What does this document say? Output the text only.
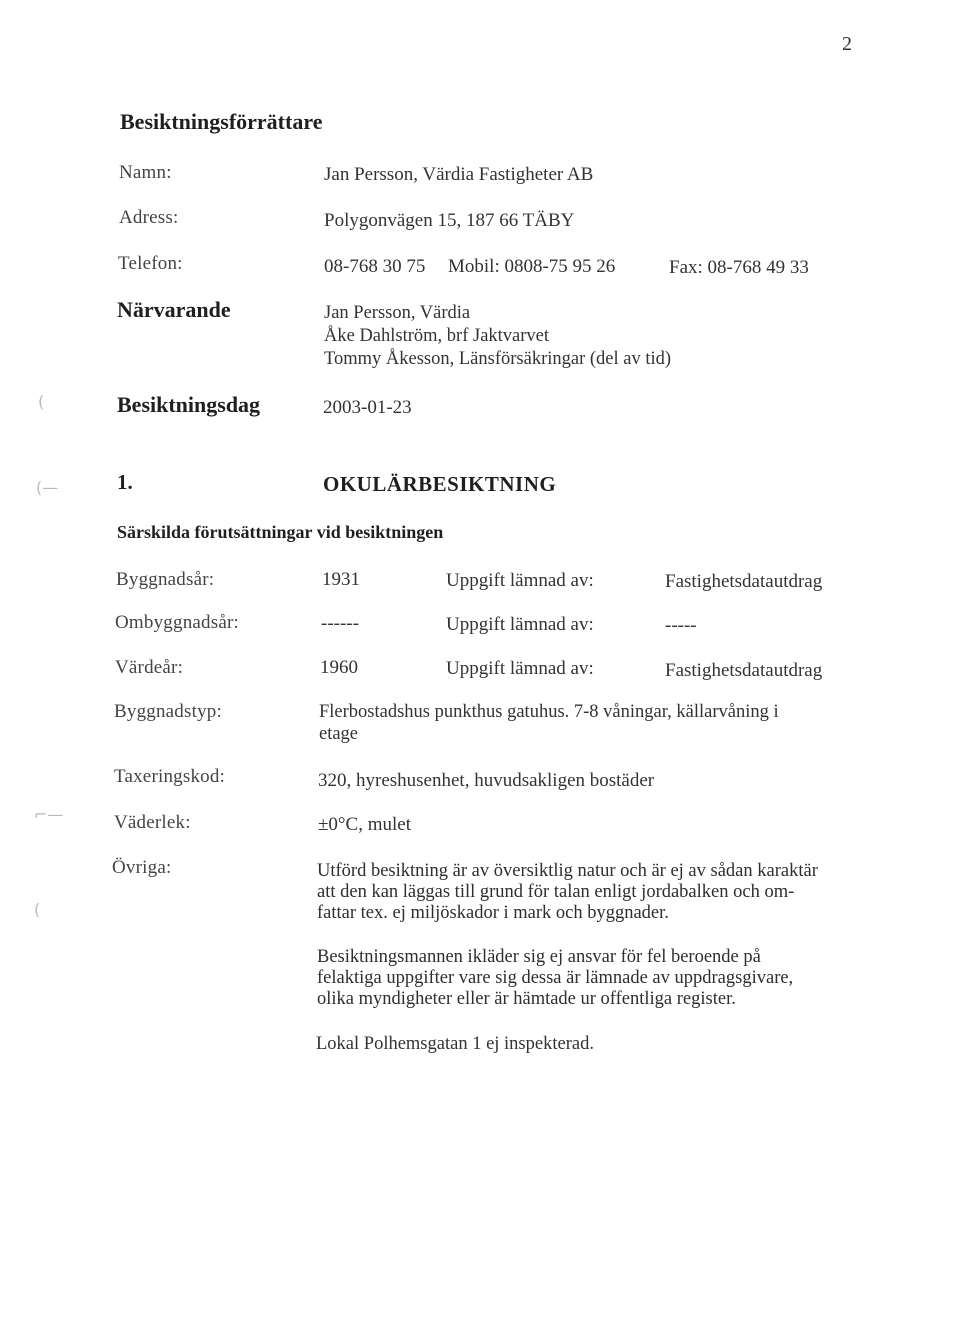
2
(
(—
⌐—
(
Besiktningsförrättare
Namn:	Jan Persson, Värdia Fastigheter AB
Adress:	Polygonvägen 15, 187 66 TÄBY
Telefon:	08-768 30 75 Mobil: 0808-75 95 26	Fax: 08-768 49 33
Närvarande	Jan Persson, Värdia
Åke Dahlström, brf Jaktvarvet
Tommy Åkesson, Länsförsäkringar (del av tid)
Besiktningsdag	2003-01-23
1.	OKULÄRBESIKTNING
Särskilda förutsättningar vid besiktningen
Byggnadsår:	1931	Uppgift lämnad av:	Fastighetsdatautdrag
Ombyggnadsår:	------	Uppgift lämnad av:	-----
Värdeår:	1960	Uppgift lämnad av:	Fastighetsdatautdrag
Byggnadstyp:	Flerbostadshus punkthus gatuhus. 7-8 våningar, källarvåning i
etage
Taxeringskod:	320, hyreshusenhet, huvudsakligen bostäder
Väderlek:	±0°C, mulet
Övriga:	Utförd besiktning är av översiktlig natur och är ej av sådan karaktär
att den kan läggas till grund för talan enligt jordabalken och om-
fattar tex. ej miljöskador i mark och byggnader.
Besiktningsmannen ikläder sig ej ansvar för fel beroende på
felaktiga uppgifter vare sig dessa är lämnade av uppdragsgivare,
olika myndigheter eller är hämtade ur offentliga register.
Lokal Polhemsgatan 1 ej inspekterad.
